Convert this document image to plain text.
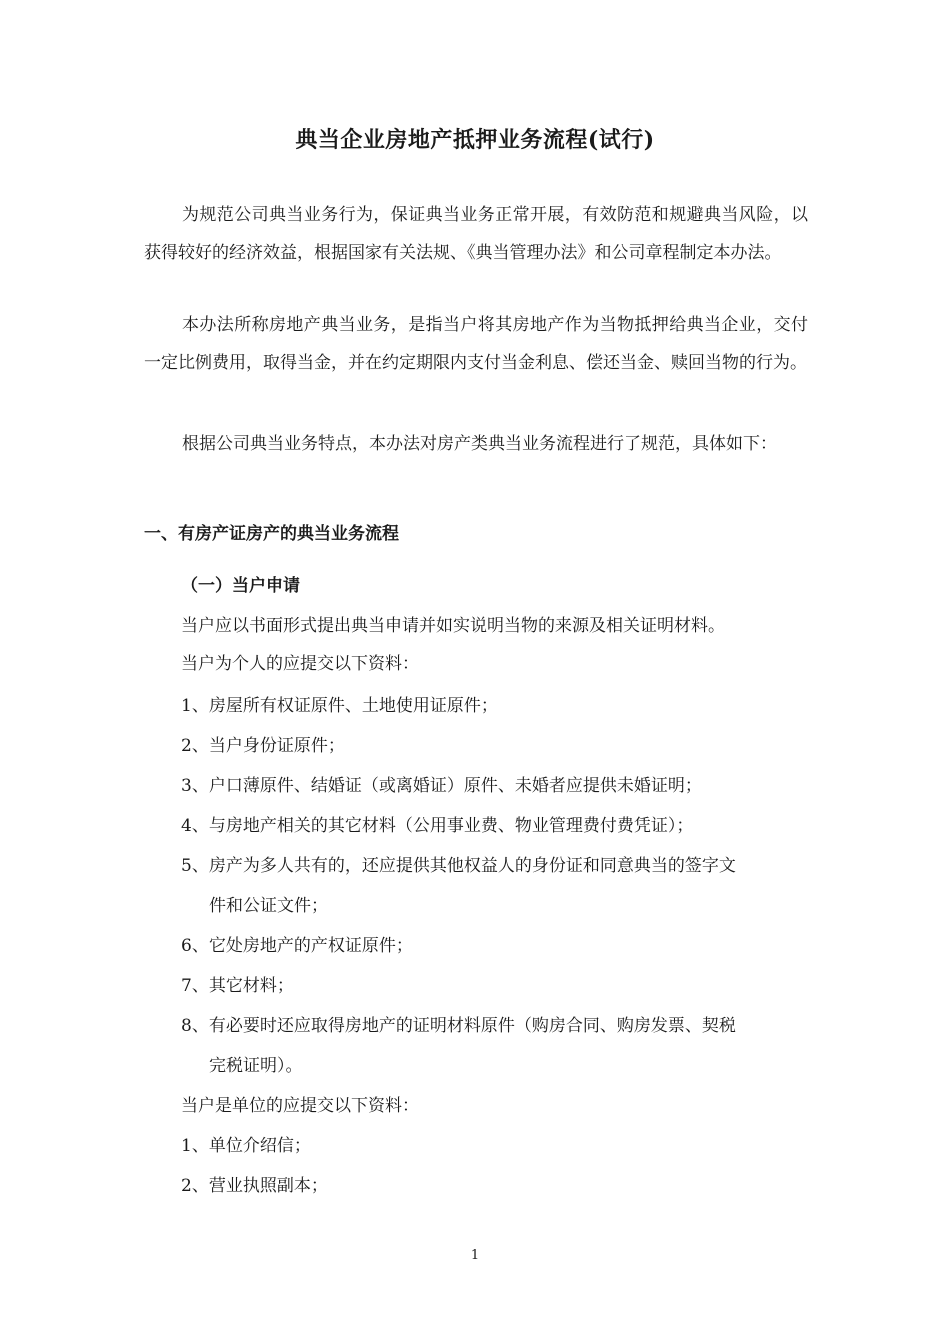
典当企业房地产抵押业务流程(试行)

为规范公司典当业务行为，保证典当业务正常开展，有效防范和规避典当风险，以获得较好的经济效益，根据国家有关法规、《典当管理办法》和公司章程制定本办法。

本办法所称房地产典当业务，是指当户将其房地产作为当物抵押给典当企业，交付一定比例费用，取得当金，并在约定期限内支付当金利息、偿还当金、赎回当物的行为。

根据公司典当业务特点，本办法对房产类典当业务流程进行了规范，具体如下：

一、有房产证房产的典当业务流程
（一）当户申请
当户应以书面形式提出典当申请并如实说明当物的来源及相关证明材料。
当户为个人的应提交以下资料：
1、房屋所有权证原件、土地使用证原件；
2、当户身份证原件；
3、户口薄原件、结婚证（或离婚证）原件、未婚者应提供未婚证明；
4、与房地产相关的其它材料（公用事业费、物业管理费付费凭证）；
5、房产为多人共有的，还应提供其他权益人的身份证和同意典当的签字文
件和公证文件；
6、它处房地产的产权证原件；
7、其它材料；
8、有必要时还应取得房地产的证明材料原件（购房合同、购房发票、契税
完税证明）。
当户是单位的应提交以下资料：
1、单位介绍信；
2、营业执照副本；
1
